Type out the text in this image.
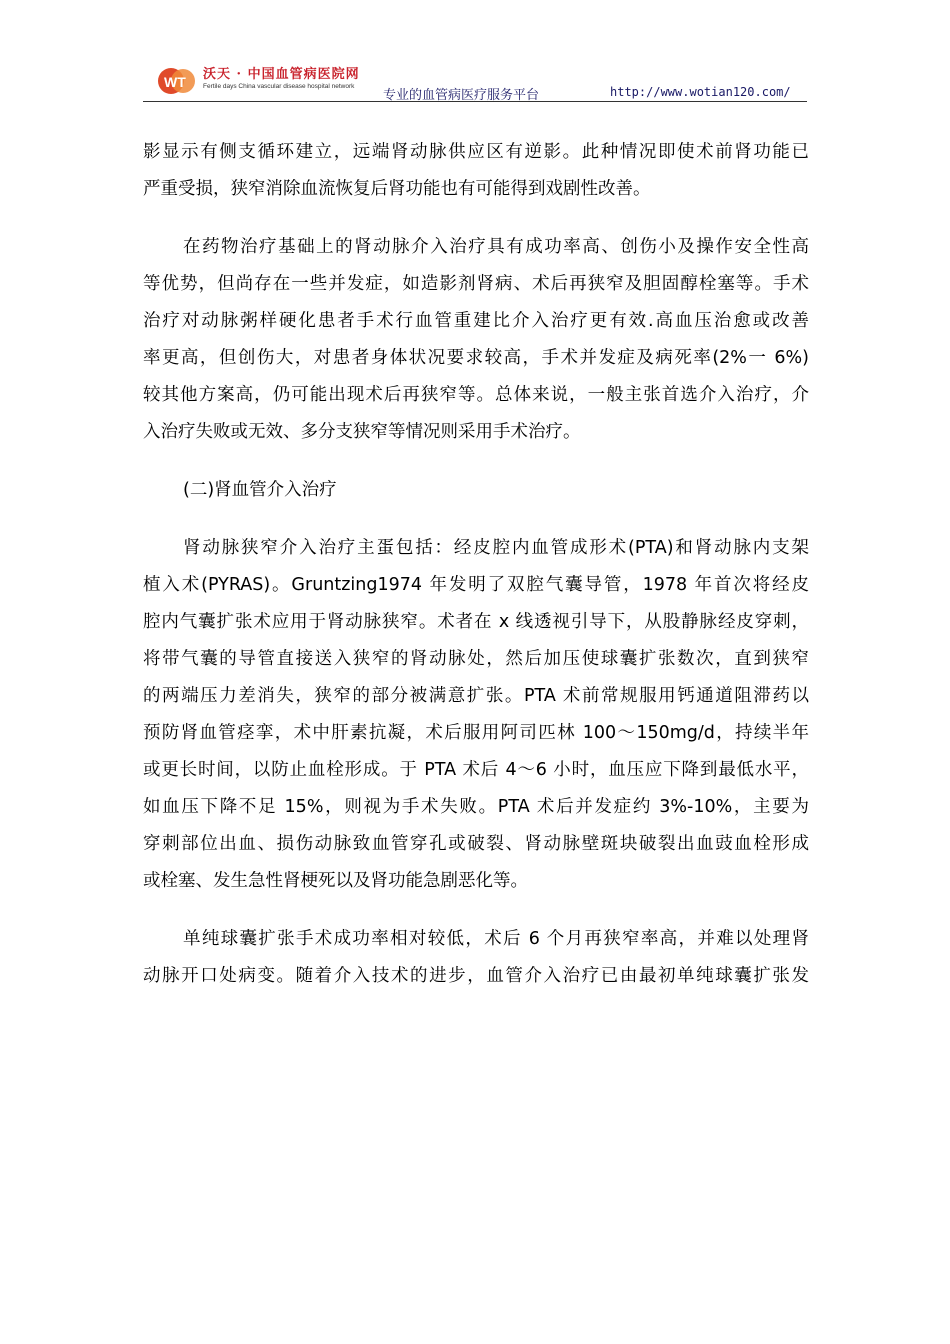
WT 沃天 · 中国血管病医院网
Fertile days China vascular disease hospital network
专业的血管病医疗服务平台	http://www.wotian120.com/
影显示有侧支循环建立，远端肾动脉供应区有逆影。此种情况即使术前肾功能已
严重受损，狭窄消除血流恢复后肾功能也有可能得到戏剧性改善。
在药物治疗基础上的肾动脉介入治疗具有成功率高、创伤小及操作安全性高
等优势，但尚存在一些并发症，如造影剂肾病、术后再狭窄及胆固醇栓塞等。手术
治疗对动脉粥样硬化患者手术行血管重建比介入治疗更有效.高血压治愈或改善
率更高，但创伤大，对患者身体状况要求较高，手术并发症及病死率(2%一 6%)
较其他方案高，仍可能出现术后再狭窄等。总体来说，一般主张首选介入治疗，介
入治疗失败或无效、多分支狭窄等情况则采用手术治疗。
(二)肾血管介入治疗
肾动脉狭窄介入治疗主蛋包括：经皮腔内血管成形术(PTA)和肾动脉内支架
植入术(PYRAS)。Gruntzing1974 年发明了双腔气囊导管，1978 年首次将经皮
腔内气囊扩张术应用于肾动脉狭窄。术者在 x 线透视引导下，从股静脉经皮穿刺，
将带气囊的导管直接送入狭窄的肾动脉处，然后加压使球囊扩张数次，直到狭窄
的两端压力差消失，狭窄的部分被满意扩张。PTA 术前常规服用钙通道阻滞药以
预防肾血管痉挛，术中肝素抗凝，术后服用阿司匹林 100～150mg/d，持续半年
或更长时间，以防止血栓形成。于 PTA 术后 4～6 小时，血压应下降到最低水平，
如血压下降不足 15%，则视为手术失败。PTA 术后并发症约 3%-10%，主要为
穿刺部位出血、损伤动脉致血管穿孔或破裂、肾动脉壁斑块破裂出血豉血栓形成
或栓塞、发生急性肾梗死以及肾功能急剧恶化等。
单纯球囊扩张手术成功率相对较低，术后 6 个月再狭窄率高，并难以处理肾
动脉开口处病变。随着介入技术的进步，血管介入治疗已由最初单纯球囊扩张发
